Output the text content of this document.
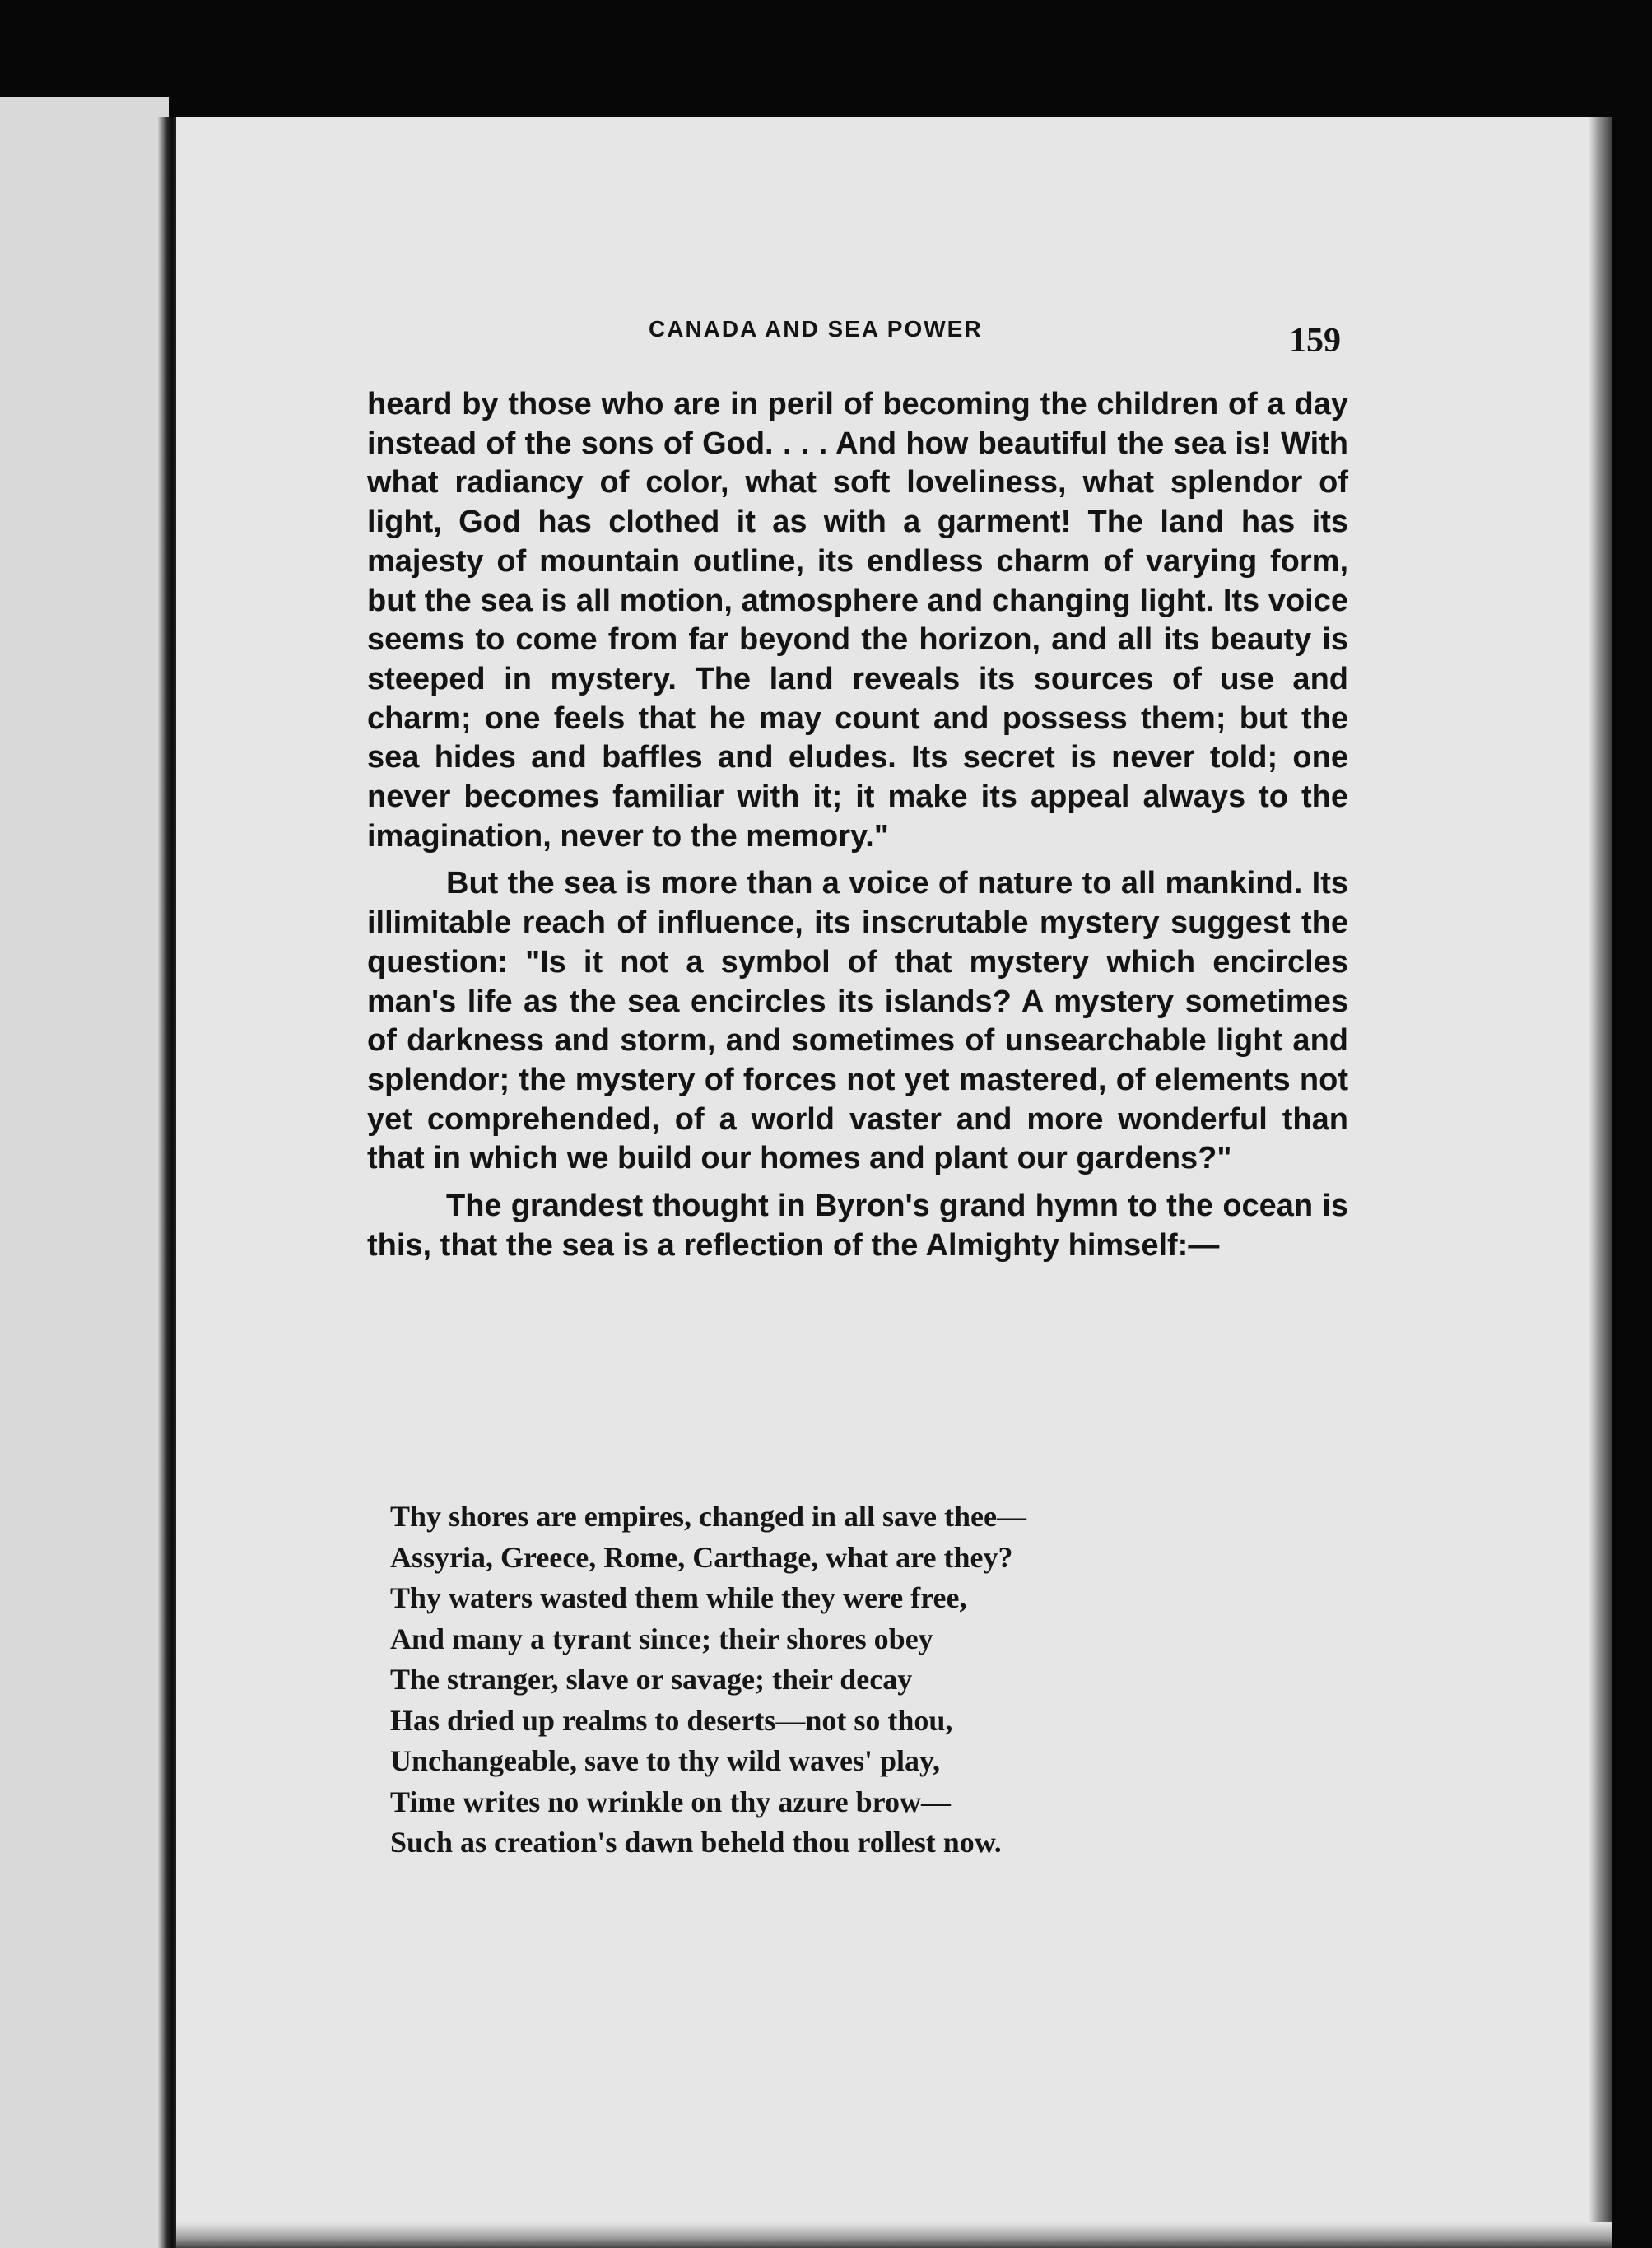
CANADA AND SEA POWER	159

heard by those who are in peril of becoming the children of a day instead of the sons of God. . . . And how beautiful the sea is! With what radiancy of color, what soft loveliness, what splendor of light, God has clothed it as with a garment! The land has its majesty of mountain outline, its endless charm of varying form, but the sea is all motion, atmosphere and changing light. Its voice seems to come from far beyond the horizon, and all its beauty is steeped in mystery. The land reveals its sources of use and charm; one feels that he may count and possess them; but the sea hides and baffles and eludes. Its secret is never told; one never becomes familiar with it; it make its appeal always to the imagination, never to the memory."

But the sea is more than a voice of nature to all mankind. Its illimitable reach of influence, its inscrutable mystery suggest the question: "Is it not a symbol of that mystery which encircles man's life as the sea encircles its islands? A mystery sometimes of darkness and storm, and sometimes of unsearchable light and splendor; the mystery of forces not yet mastered, of elements not yet comprehended, of a world vaster and more wonderful than that in which we build our homes and plant our gardens?"

The grandest thought in Byron's grand hymn to the ocean is this, that the sea is a reflection of the Almighty himself:—

Thy shores are empires, changed in all save thee—
Assyria, Greece, Rome, Carthage, what are they?
Thy waters wasted them while they were free,
And many a tyrant since; their shores obey
The stranger, slave or savage; their decay
Has dried up realms to deserts—not so thou,
Unchangeable, save to thy wild waves' play,
Time writes no wrinkle on thy azure brow—
Such as creation's dawn beheld thou rollest now.
